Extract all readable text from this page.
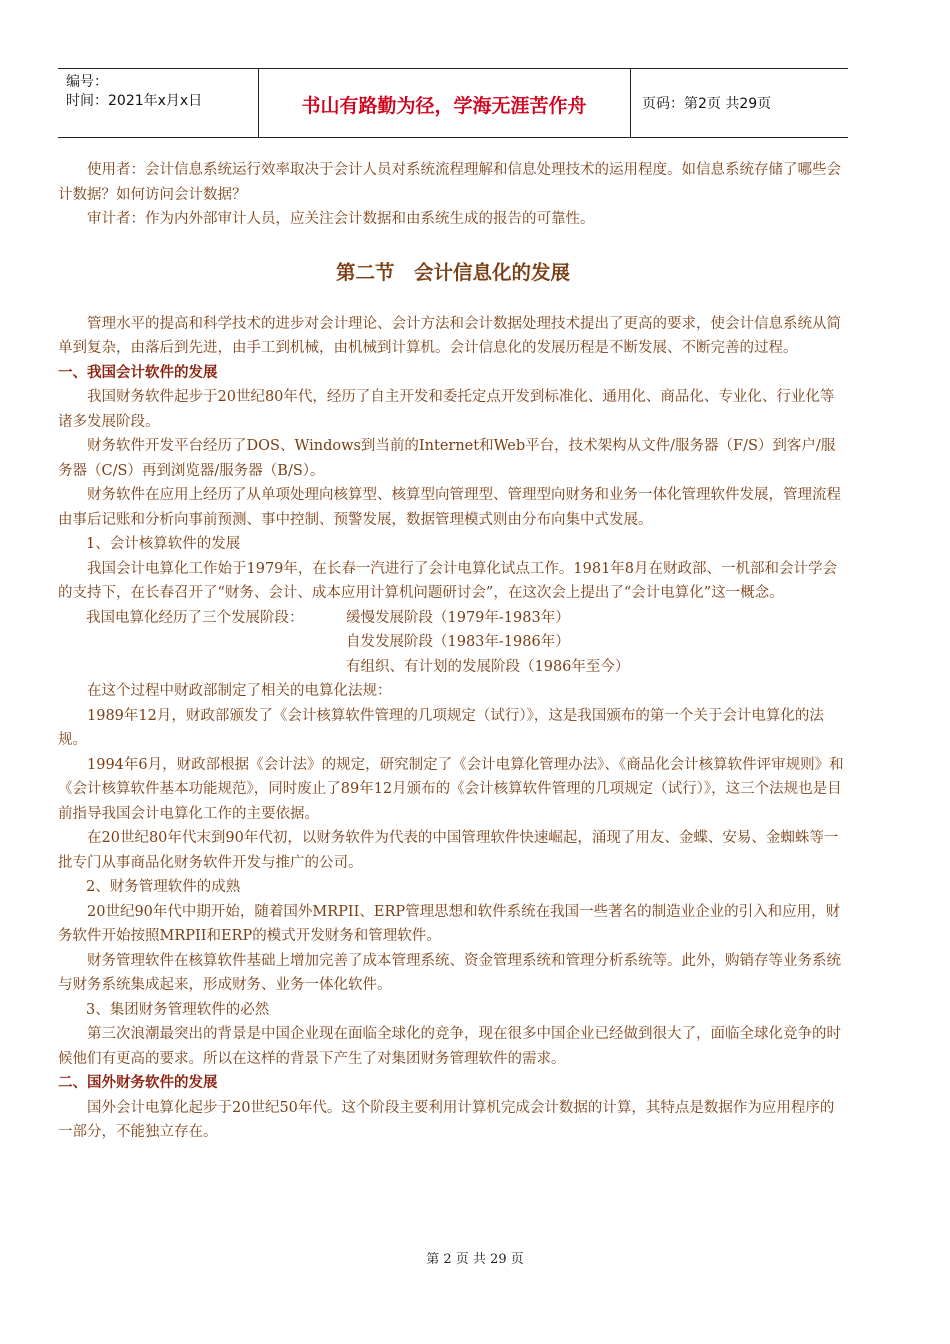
编号：
时间：2021年x月x日	书山有路勤为径，学海无涯苦作舟	页码：第2页 共29页

使用者：会计信息系统运行效率取决于会计人员对系统流程理解和信息处理技术的运用程度。如信息系统存储了哪些会计数据？如何访问会计数据？

审计者：作为内外部审计人员，应关注会计数据和由系统生成的报告的可靠性。

第二节　会计信息化的发展

管理水平的提高和科学技术的进步对会计理论、会计方法和会计数据处理技术提出了更高的要求，使会计信息系统从简单到复杂，由落后到先进，由手工到机械，由机械到计算机。会计信息化的发展历程是不断发展、不断完善的过程。

一、我国会计软件的发展

我国财务软件起步于20世纪80年代，经历了自主开发和委托定点开发到标准化、通用化、商品化、专业化、行业化等诸多发展阶段。

财务软件开发平台经历了DOS、Windows到当前的Internet和Web平台，技术架构从文件/服务器（F/S）到客户/服务器（C/S）再到浏览器/服务器（B/S）。

财务软件在应用上经历了从单项处理向核算型、核算型向管理型、管理型向财务和业务一体化管理软件发展，管理流程由事后记账和分析向事前预测、事中控制、预警发展，数据管理模式则由分布向集中式发展。

1、会计核算软件的发展

我国会计电算化工作始于1979年，在长春一汽进行了会计电算化试点工作。1981年8月在财政部、一机部和会计学会的支持下，在长春召开了“财务、会计、成本应用计算机问题研讨会”，在这次会上提出了“会计电算化”这一概念。

我国电算化经历了三个发展阶段：	缓慢发展阶段（1979年-1983年）
自发发展阶段（1983年-1986年）
有组织、有计划的发展阶段（1986年至今）

在这个过程中财政部制定了相关的电算化法规：

1989年12月，财政部颁发了《会计核算软件管理的几项规定（试行）》，这是我国颁布的第一个关于会计电算化的法规。

1994年6月，财政部根据《会计法》的规定，研究制定了《会计电算化管理办法》、《商品化会计核算软件评审规则》和《会计核算软件基本功能规范》，同时废止了89年12月颁布的《会计核算软件管理的几项规定（试行）》，这三个法规也是目前指导我国会计电算化工作的主要依据。

在20世纪80年代末到90年代初，以财务软件为代表的中国管理软件快速崛起，涌现了用友、金蝶、安易、金蜘蛛等一批专门从事商品化财务软件开发与推广的公司。

2、财务管理软件的成熟

20世纪90年代中期开始，随着国外MRPII、ERP管理思想和软件系统在我国一些著名的制造业企业的引入和应用，财务软件开始按照MRPII和ERP的模式开发财务和管理软件。

财务管理软件在核算软件基础上增加完善了成本管理系统、资金管理系统和管理分析系统等。此外，购销存等业务系统与财务系统集成起来，形成财务、业务一体化软件。

3、集团财务管理软件的必然

第三次浪潮最突出的背景是中国企业现在面临全球化的竞争，现在很多中国企业已经做到很大了，面临全球化竞争的时候他们有更高的要求。所以在这样的背景下产生了对集团财务管理软件的需求。

二、国外财务软件的发展

国外会计电算化起步于20世纪50年代。这个阶段主要利用计算机完成会计数据的计算，其特点是数据作为应用程序的一部分，不能独立存在。

第 2 页 共 29 页
